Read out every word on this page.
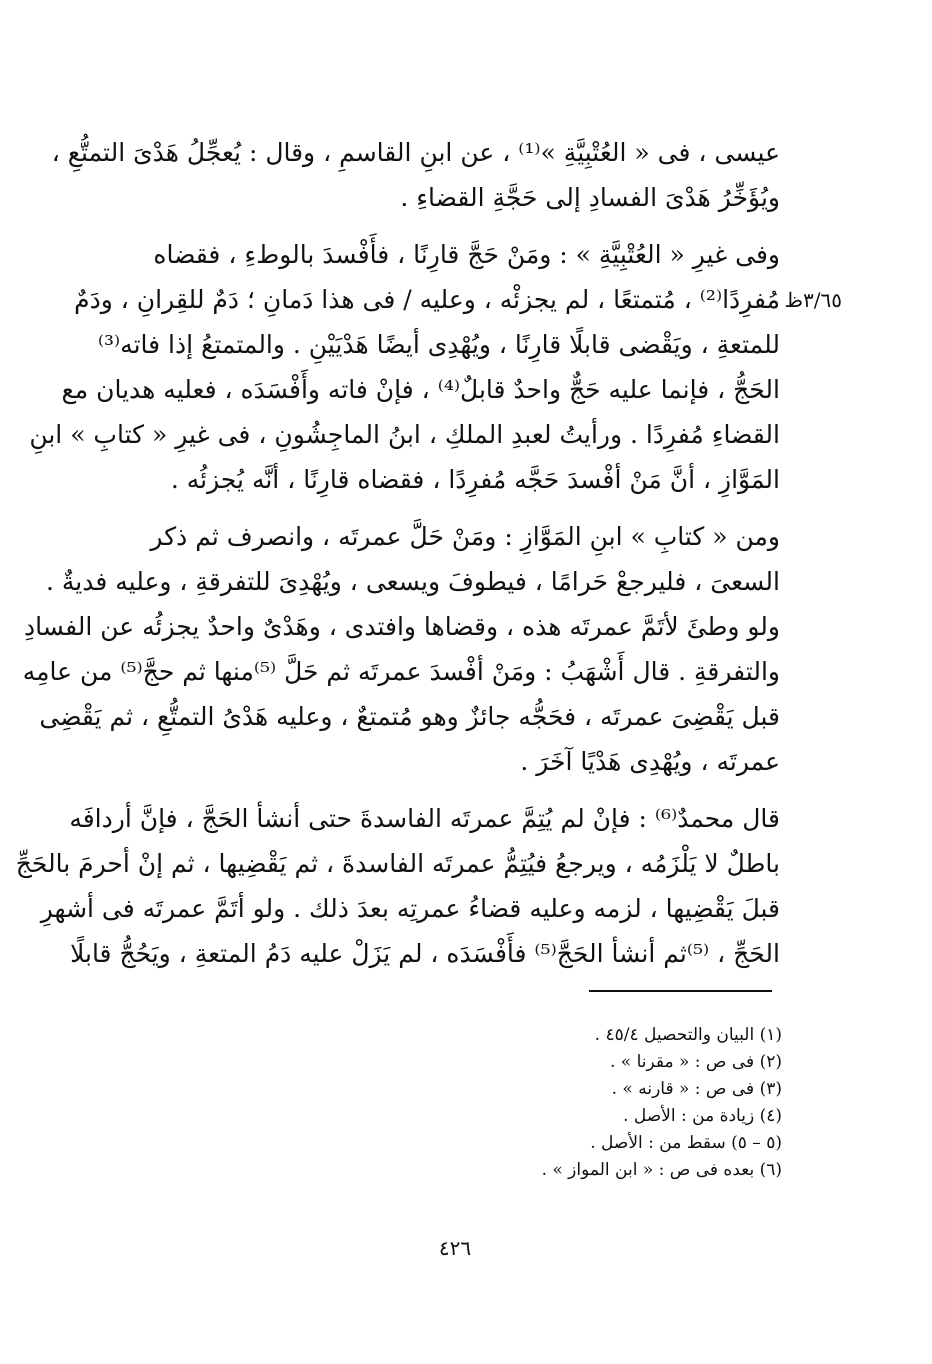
٣/٦٥ظ
عيسى ، فى « العُتْبِيَّةِ »⁽¹⁾ ، عن ابنِ القاسمِ ، وقال : يُعجِّلُ هَدْىَ التمتُّعِ ،
ويُؤَخِّرُ هَدْىَ الفسادِ إلى حَجَّةِ القضاءِ .
وفى غيرِ « العُتْبِيَّةِ » : ومَنْ حَجَّ قارِنًا ، فأَفْسدَ بالوطءِ ، فقضاه
مُفرِدًا⁽²⁾ ، مُتمتعًا ، لم يجزئْه ، وعليه / فى هذا دَمانِ ؛ دَمٌ للقِرانِ ، ودَمٌ
للمتعةِ ، ويَقْضى قابلًا قارِنًا ، ويُهْدِى أيضًا هَدْيَيْنِ . والمتمتعُ إذا فاته⁽³⁾
الحَجُّ ، فإنما عليه حَجٌّ واحدٌ قابلٌ⁽⁴⁾ ، فإنْ فاته وأَفْسَدَه ، فعليه هديان مع
القضاءِ مُفرِدًا . ورأيتُ لعبدِ الملكِ ، ابنُ الماجِشُونِ ، فى غيرِ « كتابِ » ابنِ
المَوَّازِ ، أنَّ مَنْ أفْسدَ حَجَّه مُفرِدًا ، فقضاه قارِنًا ، أنَّه يُجزئُه .
ومن « كتابِ » ابنِ المَوَّازِ : ومَنْ حَلَّ عمرتَه ، وانصرف ثم ذكر
السعىَ ، فليرجعْ حَرامًا ، فيطوفَ ويسعى ، ويُهْدِىَ للتفرقةِ ، وعليه فديةٌ .
ولو وطئَ لأتَمَّ عمرتَه هذه ، وقضاها وافتدى ، وهَدْىٌ واحدٌ يجزئُه عن الفسادِ
والتفرقةِ . قال أَشْهَبُ : ومَنْ أفْسدَ عمرتَه ثم حَلَّ ⁽⁵⁾منها ثم حجَّ⁽⁵⁾ من عامِه
قبل يَقْضِىَ عمرتَه ، فحَجُّه جائزٌ وهو مُتمتعٌ ، وعليه هَدْىُ التمتُّعِ ، ثم يَقْضِى
عمرتَه ، ويُهْدِى هَدْيًا آخَرَ .
قال محمدٌ⁽⁶⁾ : فإنْ لم يُتِمَّ عمرتَه الفاسدةَ حتى أنشأ الحَجَّ ، فإنَّ أردافَه
باطلٌ لا يَلْزَمُه ، ويرجعُ فيُتِمُّ عمرتَه الفاسدةَ ، ثم يَقْضِيها ، ثم إنْ أحرمَ بالحَجِّ
قبلَ يَقْضِيها ، لزمه وعليه قضاءُ عمرتِه بعدَ ذلك . ولو أتَمَّ عمرتَه فى أشهرِ
الحَجِّ ، ⁽⁵⁾ثم أنشأ الحَجَّ⁽⁵⁾ فأَفْسَدَه ، لم يَزَلْ عليه دَمُ المتعةِ ، ويَحُجُّ قابلًا
(١) البيان والتحصيل ٤٥/٤ .
(٢) فى ص : « مقرنا » .
(٣) فى ص : « قارنه » .
(٤) زيادة من : الأصل .
(٥ – ٥) سقط من : الأصل .
(٦) بعده فى ص : « ابن المواز » .
٤٢٦
